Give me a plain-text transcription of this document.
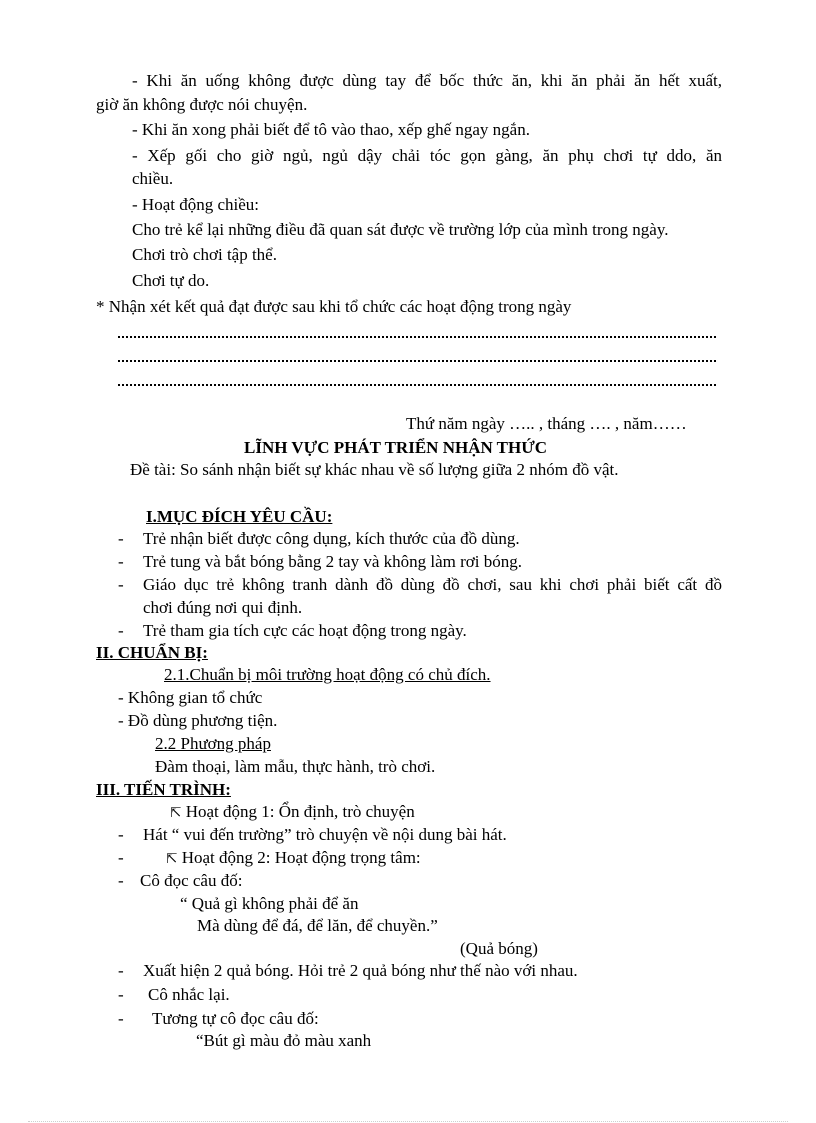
- Khi ăn uống không được dùng tay để bốc thức ăn, khi ăn phải ăn hết xuất,
giờ ăn không được nói chuyện.
- Khi ăn xong phải biết để tô vào thao, xếp ghế ngay ngắn.
- Xếp gối cho giờ ngủ, ngủ dậy chải tóc gọn gàng, ăn phụ chơi tự ddo, ăn
chiều.
- Hoạt động chiều:
Cho trẻ kể lại những điều đã quan sát được về trường lớp của mình trong ngày.
Chơi trò chơi tập thể.
Chơi tự do.
* Nhận xét kết quả đạt được sau khi tổ chức các hoạt động trong ngày
Thứ năm ngày ….. , tháng …. , năm……
LĨNH VỰC PHÁT TRIỂN NHẬN THỨC
Đề tài: So sánh nhận biết sự khác nhau về số lượng giữa 2 nhóm đồ vật.
I.MỤC ĐÍCH YÊU CẦU:
- Trẻ nhận biết được công dụng, kích thước của đồ dùng.
- Trẻ tung và bắt bóng bằng 2 tay và không làm rơi bóng.
- Giáo dục trẻ không tranh dành đồ dùng đồ chơi, sau khi chơi phải biết cất đồ
chơi đúng nơi qui định.
- Trẻ tham gia tích cực các hoạt động trong ngày.
II. CHUẨN BỊ:
2.1.Chuẩn bị môi trường hoạt động có chủ đích.
- Không gian tổ chức
- Đồ dùng phương tiện.
2.2 Phương pháp
Đàm thoại, làm mẫu, thực hành, trò chơi.
III. TIẾN TRÌNH:
⇱ Hoạt động 1: Ổn định, trò chuyện
- Hát “ vui đến trường” trò chuyện về nội dung bài hát.
-	⇱ Hoạt động 2: Hoạt động trọng tâm:
- Cô đọc câu đố:
“ Quả gì không phải để ăn
Mà dùng để đá, để lăn, để chuyền.”
(Quả bóng)
- Xuất hiện 2 quả bóng. Hỏi trẻ 2 quả bóng như thế nào với nhau.
- Cô nhắc lại.
- Tương tự cô đọc câu đố:
“Bút gì màu đỏ màu xanh
